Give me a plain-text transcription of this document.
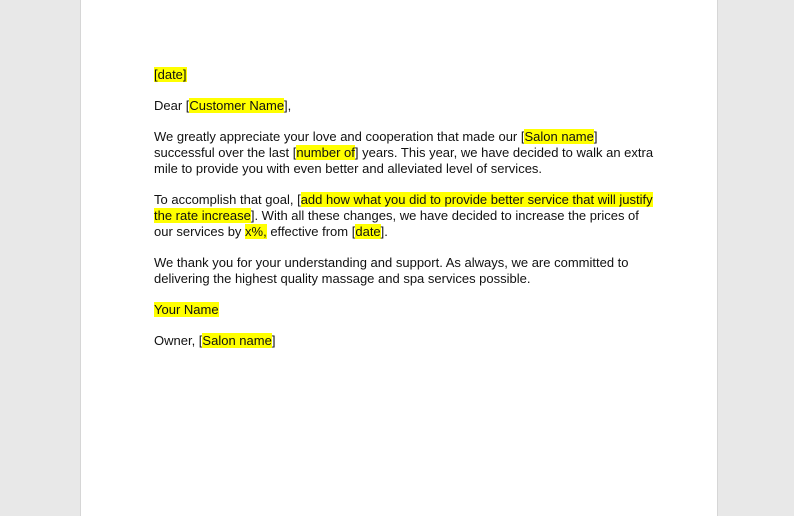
[date]
Dear [Customer Name],
We greatly appreciate your love and cooperation that made our [Salon name]
successful over the last [number of] years. This year, we have decided to walk an extra
mile to provide you with even better and alleviated level of services.
To accomplish that goal, [add how what you did to provide better service that will justify
the rate increase]. With all these changes, we have decided to increase the prices of
our services by x%, effective from [date].
We thank you for your understanding and support. As always, we are committed to
delivering the highest quality massage and spa services possible.
Your Name
Owner, [Salon name]
